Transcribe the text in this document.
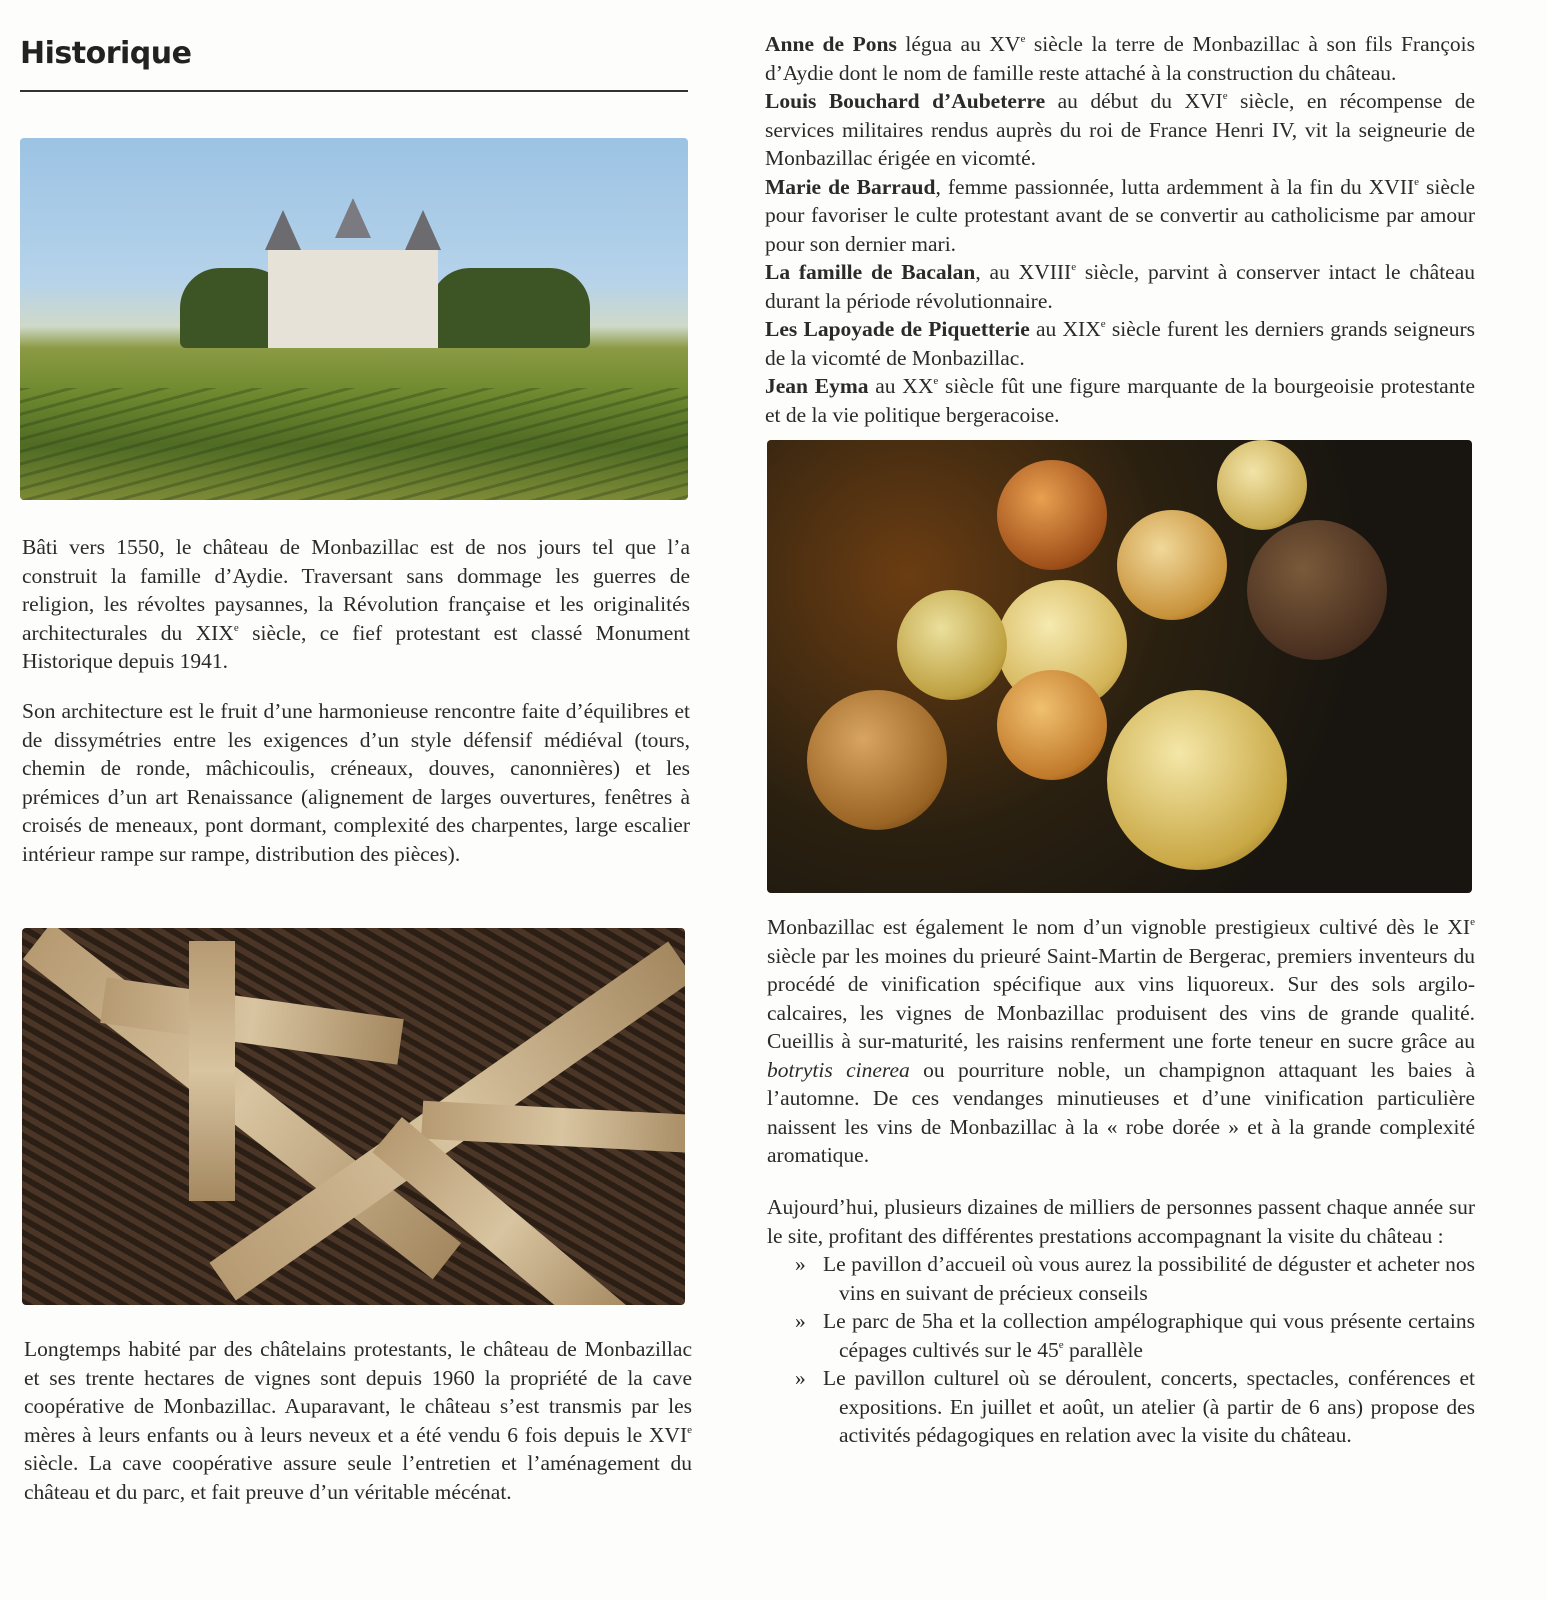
Historique

Bâti vers 1550, le château de Monbazillac est de nos jours tel que l’a construit la famille d’Aydie. Traversant sans dommage les guerres de religion, les révoltes paysannes, la Révolution française et les originalités architecturales du XIXe siècle, ce fief protestant est classé Monument Historique depuis 1941.

Son architecture est le fruit d’une harmonieuse rencontre faite d’équilibres et de dissymétries entre les exigences d’un style défensif médiéval (tours, chemin de ronde, mâchicoulis, créneaux, douves, canonnières) et les prémices d’un art Renaissance (alignement de larges ouvertures, fenêtres à croisés de meneaux, pont dormant, complexité des charpentes, large escalier intérieur rampe sur rampe, distribution des pièces).

Longtemps habité par des châtelains protestants, le château de Monbazillac et ses trente hectares de vignes sont depuis 1960 la propriété de la cave coopérative de Monbazillac. Auparavant, le château s’est transmis par les mères à leurs enfants ou à leurs neveux et a été vendu 6 fois depuis le XVIe siècle. La cave coopérative assure seule l’entretien et l’aménagement du château et du parc, et fait preuve d’un véritable mécénat.

Anne de Pons légua au XVe siècle la terre de Monbazillac à son fils François d’Aydie dont le nom de famille reste attaché à la construction du château.
Louis Bouchard d’Aubeterre au début du XVIe siècle, en récompense de services militaires rendus auprès du roi de France Henri IV, vit la seigneurie de Monbazillac érigée en vicomté.
Marie de Barraud, femme passionnée, lutta ardemment à la fin du XVIIe siècle pour favoriser le culte protestant avant de se convertir au catholicisme par amour pour son dernier mari.
La famille de Bacalan, au XVIIIe siècle, parvint à conserver intact le château durant la période révolutionnaire.
Les Lapoyade de Piquetterie au XIXe siècle furent les derniers grands seigneurs de la vicomté de Monbazillac.
Jean Eyma au XXe siècle fût une figure marquante de la bourgeoisie protestante et de la vie politique bergeracoise.

Monbazillac est également le nom d’un vignoble prestigieux cultivé dès le XIe siècle par les moines du prieuré Saint-Martin de Bergerac, premiers inventeurs du procédé de vinification spécifique aux vins liquoreux. Sur des sols argilo-calcaires, les vignes de Monbazillac produisent des vins de grande qualité. Cueillis à sur-maturité, les raisins renferment une forte teneur en sucre grâce au botrytis cinerea ou pourriture noble, un champignon attaquant les baies à l’automne. De ces vendanges minutieuses et d’une vinification particulière naissent les vins de Monbazillac à la « robe dorée » et à la grande complexité aromatique.

Aujourd’hui, plusieurs dizaines de milliers de personnes passent chaque année sur le site, profitant des différentes prestations accompagnant la visite du château :
» Le pavillon d’accueil où vous aurez la possibilité de déguster et acheter nos vins en suivant de précieux conseils
» Le parc de 5ha et la collection ampélographique qui vous présente certains cépages cultivés sur le 45e parallèle
» Le pavillon culturel où se déroulent, concerts, spectacles, conférences et expositions. En juillet et août, un atelier (à partir de 6 ans) propose des activités pédagogiques en relation avec la visite du château.
